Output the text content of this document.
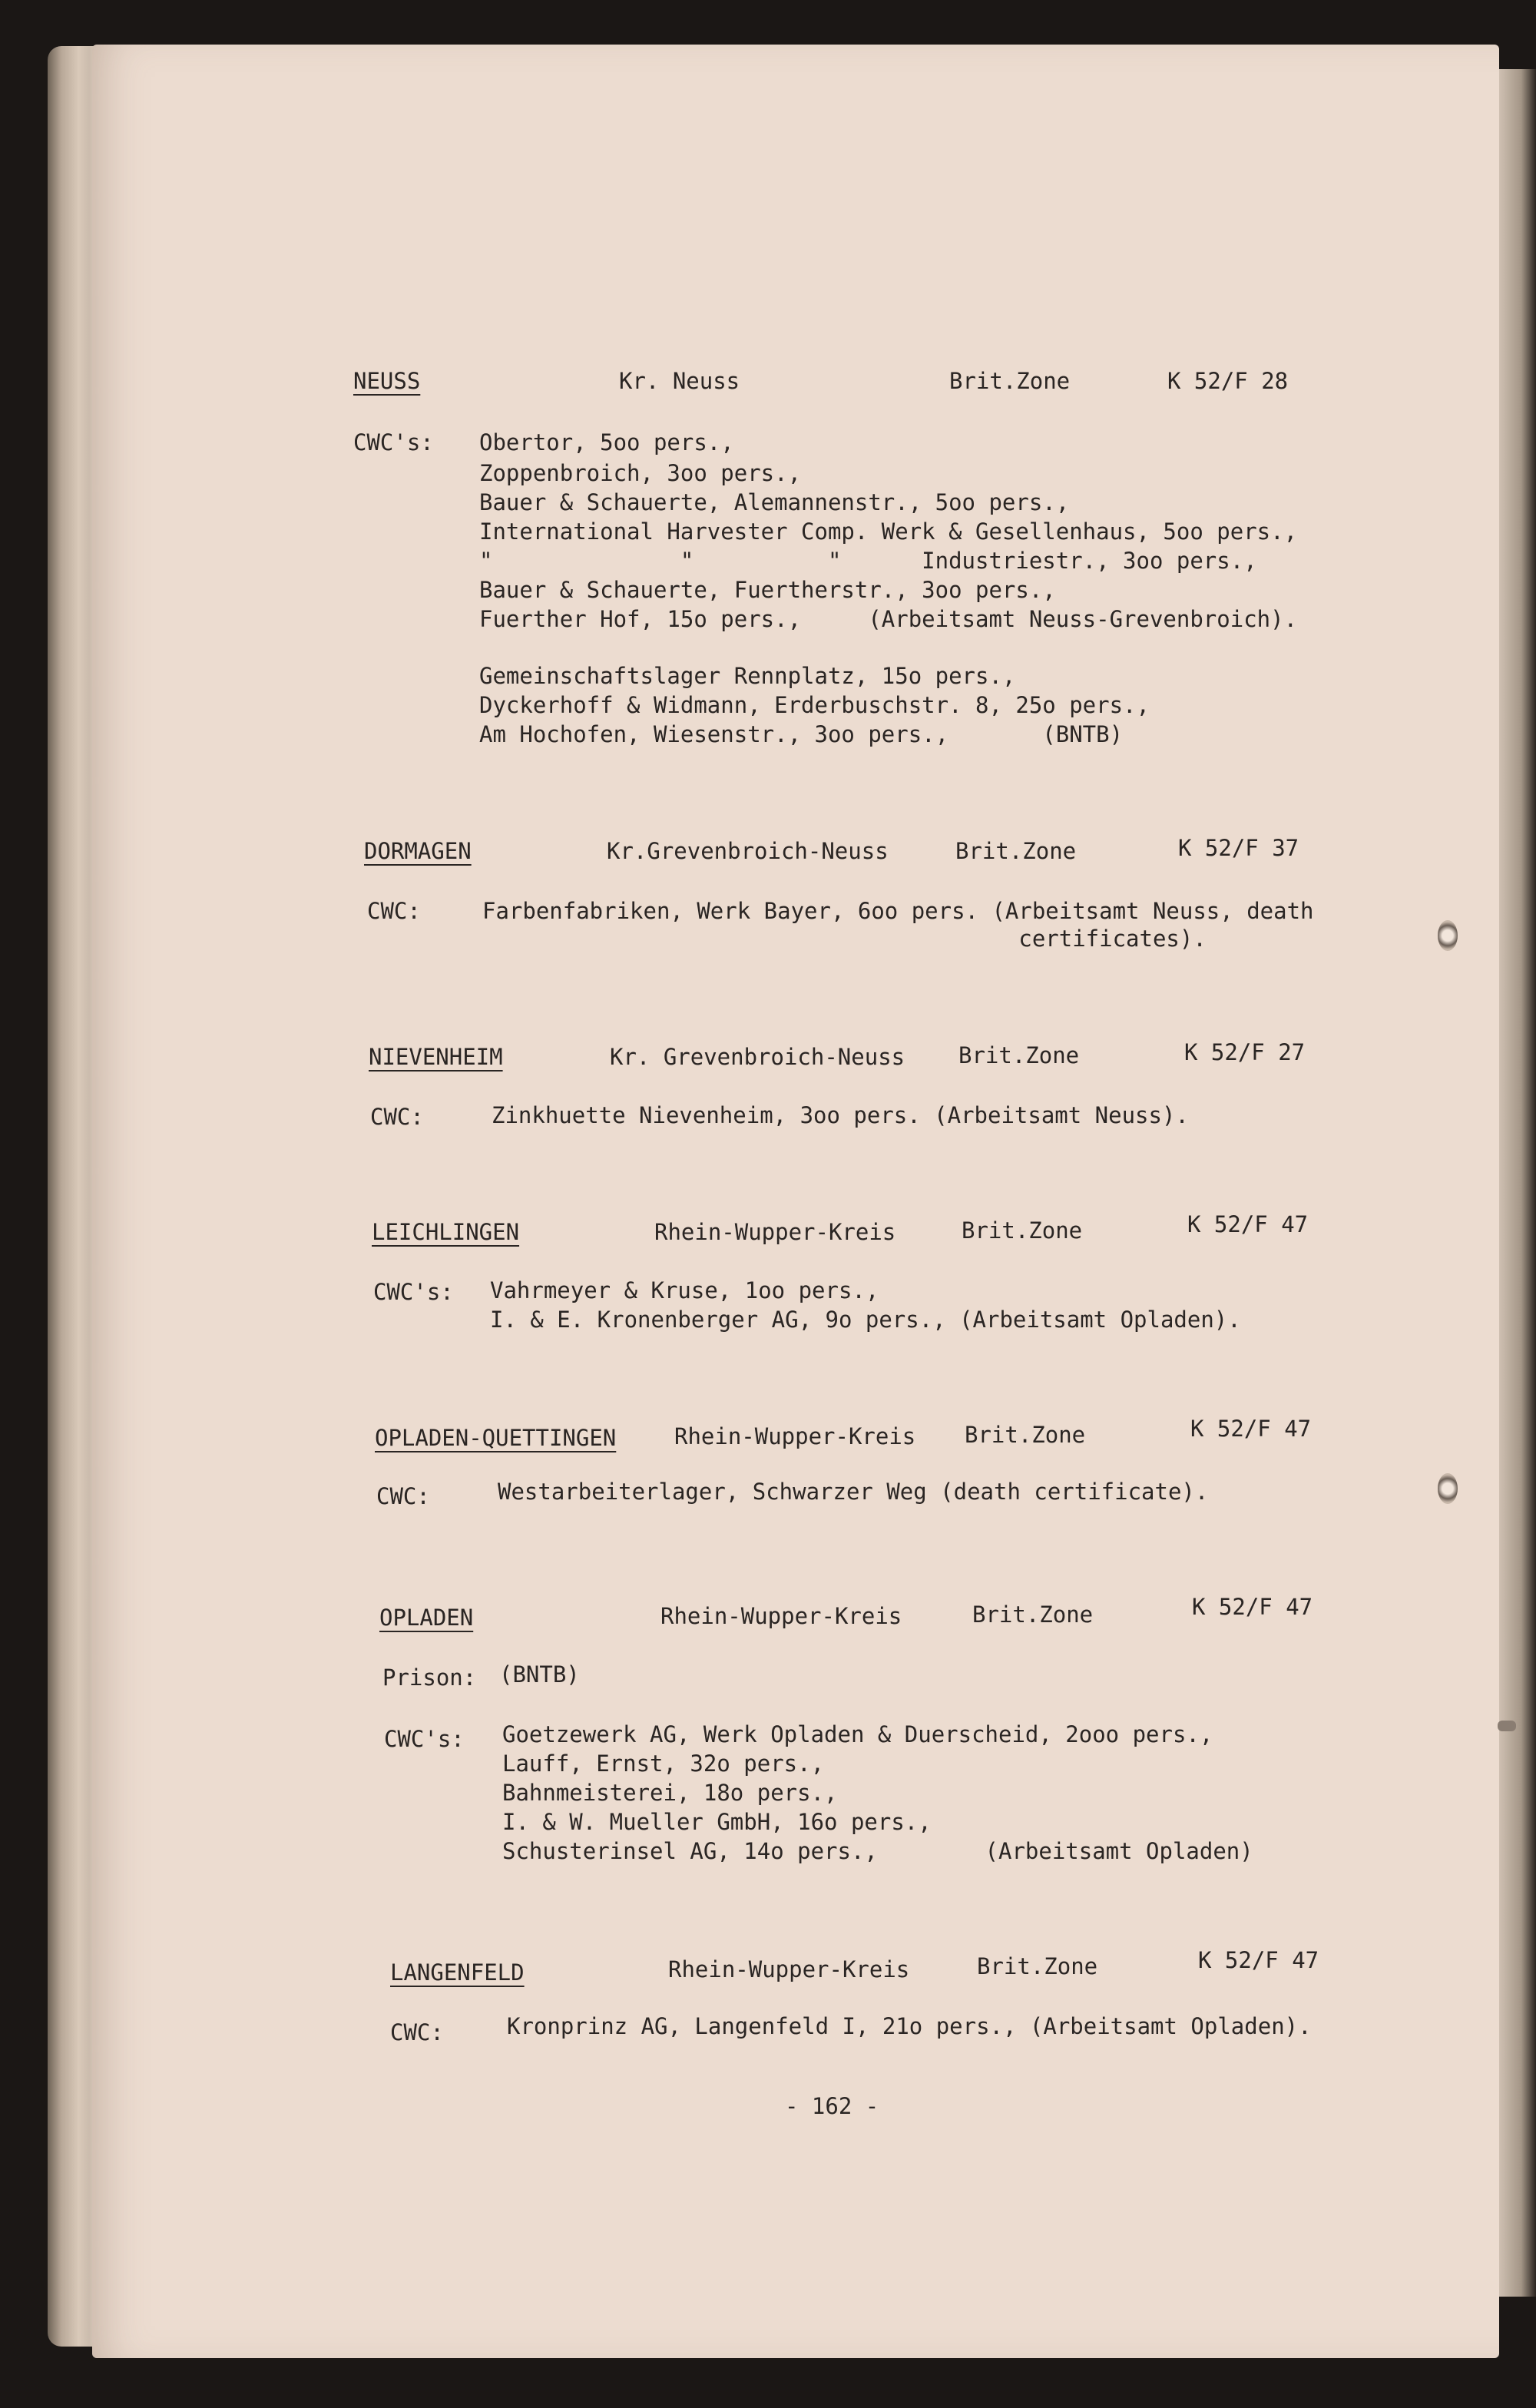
NEUSS	Kr. Neuss	Brit.Zone	K 52/F 28
CWC's: Obertor, 5oo pers.,
Zoppenbroich, 3oo pers.,
Bauer & Schauerte, Alemannenstr., 5oo pers.,
International Harvester Comp. Werk & Gesellenhaus, 5oo pers.,
"              "          "      Industriestr., 3oo pers.,
Bauer & Schauerte, Fuertherstr., 3oo pers.,
Fuerther Hof, 15o pers.,     (Arbeitsamt Neuss-Grevenbroich).
Gemeinschaftslager Rennplatz, 15o pers.,
Dyckerhoff & Widmann, Erderbuschstr. 8, 25o pers.,
Am Hochofen, Wiesenstr., 3oo pers.,       (BNTB)
DORMAGEN	Kr.Grevenbroich-Neuss	Brit.Zone	K 52/F 37
CWC:	Farbenfabriken, Werk Bayer, 6oo pers. (Arbeitsamt Neuss, death
certificates).
NIEVENHEIM	Kr. Grevenbroich-Neuss Brit.Zone	K 52/F 27
CWC:	Zinkhuette Nievenheim, 3oo pers. (Arbeitsamt Neuss).
LEICHLINGEN	Rhein-Wupper-Kreis	Brit.Zone	K 52/F 47
CWC's: Vahrmeyer & Kruse, 1oo pers.,
I. & E. Kronenberger AG, 9o pers., (Arbeitsamt Opladen).
OPLADEN-QUETTINGEN	Rhein-Wupper-Kreis Brit.Zone	K 52/F 47
CWC:	Westarbeiterlager, Schwarzer Weg (death certificate).
OPLADEN	Rhein-Wupper-Kreis	Brit.Zone	K 52/F 47
Prison: (BNTB)
CWC's: Goetzewerk AG, Werk Opladen & Duerscheid, 2ooo pers.,
Lauff, Ernst, 32o pers.,
Bahnmeisterei, 18o pers.,
I. & W. Mueller GmbH, 16o pers.,
Schusterinsel AG, 14o pers.,        (Arbeitsamt Opladen)
LANGENFELD	Rhein-Wupper-Kreis	Brit.Zone	K 52/F 47
CWC:	Kronprinz AG, Langenfeld I, 21o pers., (Arbeitsamt Opladen).
- 162 -
